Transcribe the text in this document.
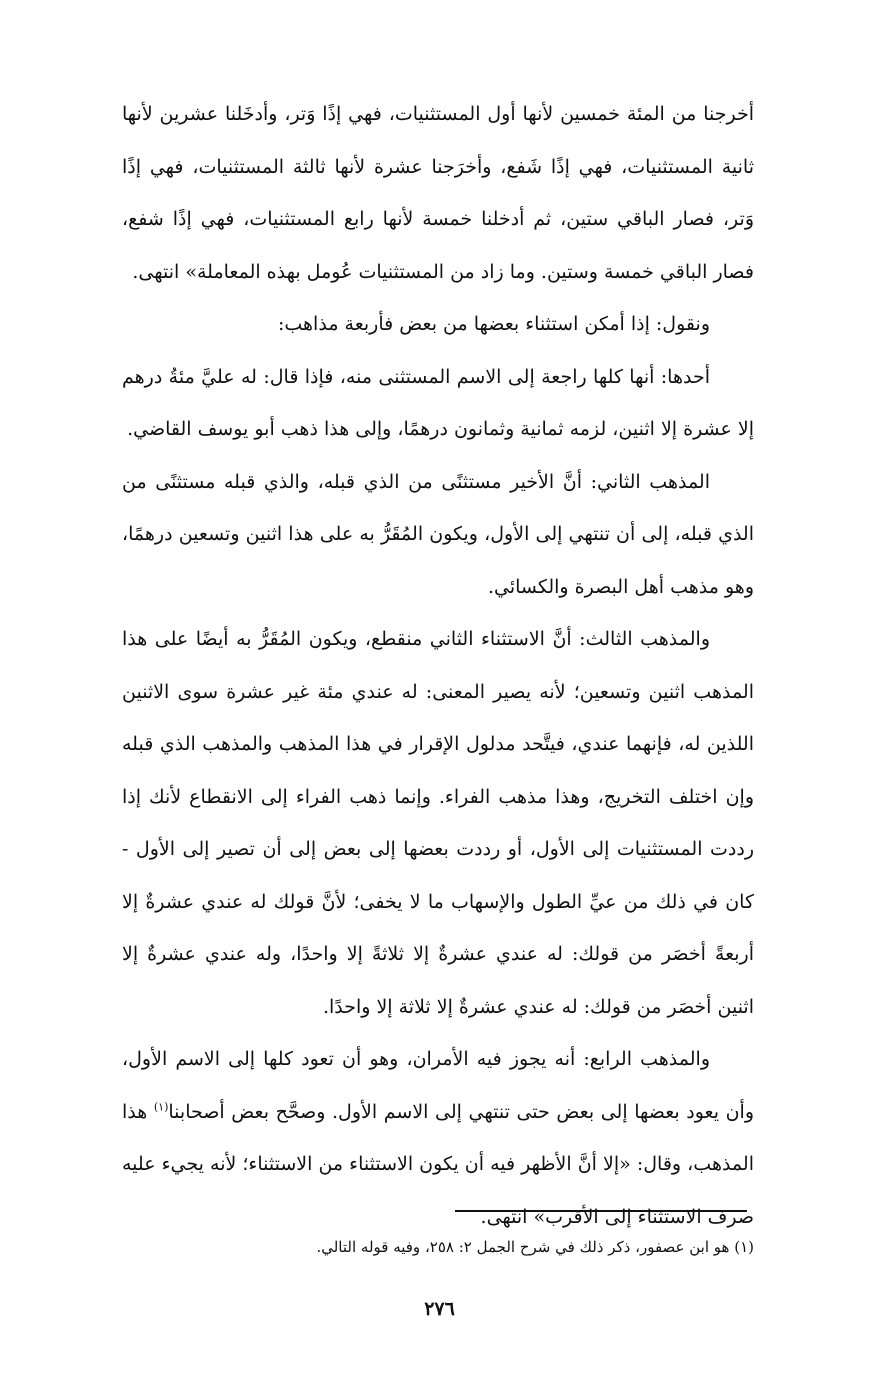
أخرجنا من المئة خمسين لأنها أول المستثنيات، فهي إذًا وَتر، وأدخَلنا عشرين لأنها ثانية المستثنيات، فهي إذًا شَفع، وأخرَجنا عشرة لأنها ثالثة المستثنيات، فهي إذًا وَتر، فصار الباقي ستين، ثم أدخلنا خمسة لأنها رابع المستثنيات، فهي إذًا شفع، فصار الباقي خمسة وستين. وما زاد من المستثنيات عُومل بهذه المعاملة» انتهى.

ونقول: إذا أمكن استثناء بعضها من بعض فأربعة مذاهب:

أحدها: أنها كلها راجعة إلى الاسم المستثنى منه، فإذا قال: له عليَّ مئةُ درهم إلا عشرة إلا اثنين، لزمه ثمانية وثمانون درهمًا، وإلى هذا ذهب أبو يوسف القاضي.

المذهب الثاني: أنَّ الأخير مستثنًى من الذي قبله، والذي قبله مستثنًى من الذي قبله، إلى أن تنتهي إلى الأول، ويكون المُقَرُّ به على هذا اثنين وتسعين درهمًا، وهو مذهب أهل البصرة والكسائي.

والمذهب الثالث: أنَّ الاستثناء الثاني منقطع، ويكون المُقَرُّ به أيضًا على هذا المذهب اثنين وتسعين؛ لأنه يصير المعنى: له عندي مئة غير عشرة سوى الاثنين اللذين له، فإنهما عندي، فيتَّحد مدلول الإقرار في هذا المذهب والمذهب الذي قبله وإن اختلف التخريج، وهذا مذهب الفراء. وإنما ذهب الفراء إلى الانقطاع لأنك إذا رددت المستثنيات إلى الأول، أو رددت بعضها إلى بعض إلى أن تصير إلى الأول - كان في ذلك من عيِّ الطول والإسهاب ما لا يخفى؛ لأنَّ قولك له عندي عشرةٌ إلا أربعةً أخصَر من قولك: له عندي عشرةٌ إلا ثلاثةً إلا واحدًا، وله عندي عشرةٌ إلا اثنين أخصَر من قولك: له عندي عشرةٌ إلا ثلاثة إلا واحدًا.

والمذهب الرابع: أنه يجوز فيه الأمران، وهو أن تعود كلها إلى الاسم الأول، وأن يعود بعضها إلى بعض حتى تنتهي إلى الاسم الأول. وصحَّح بعض أصحابنا$^{(١)}$ هذا المذهب، وقال: «إلا أنَّ الأظهر فيه أن يكون الاستثناء من الاستثناء؛ لأنه يجيء عليه صرف الاستثناء إلى الأقرب» انتهى.

(١) هو ابن عصفور، ذكر ذلك في شرح الجمل ٢: ٢٥٨، وفيه قوله التالي.

٢٧٦
